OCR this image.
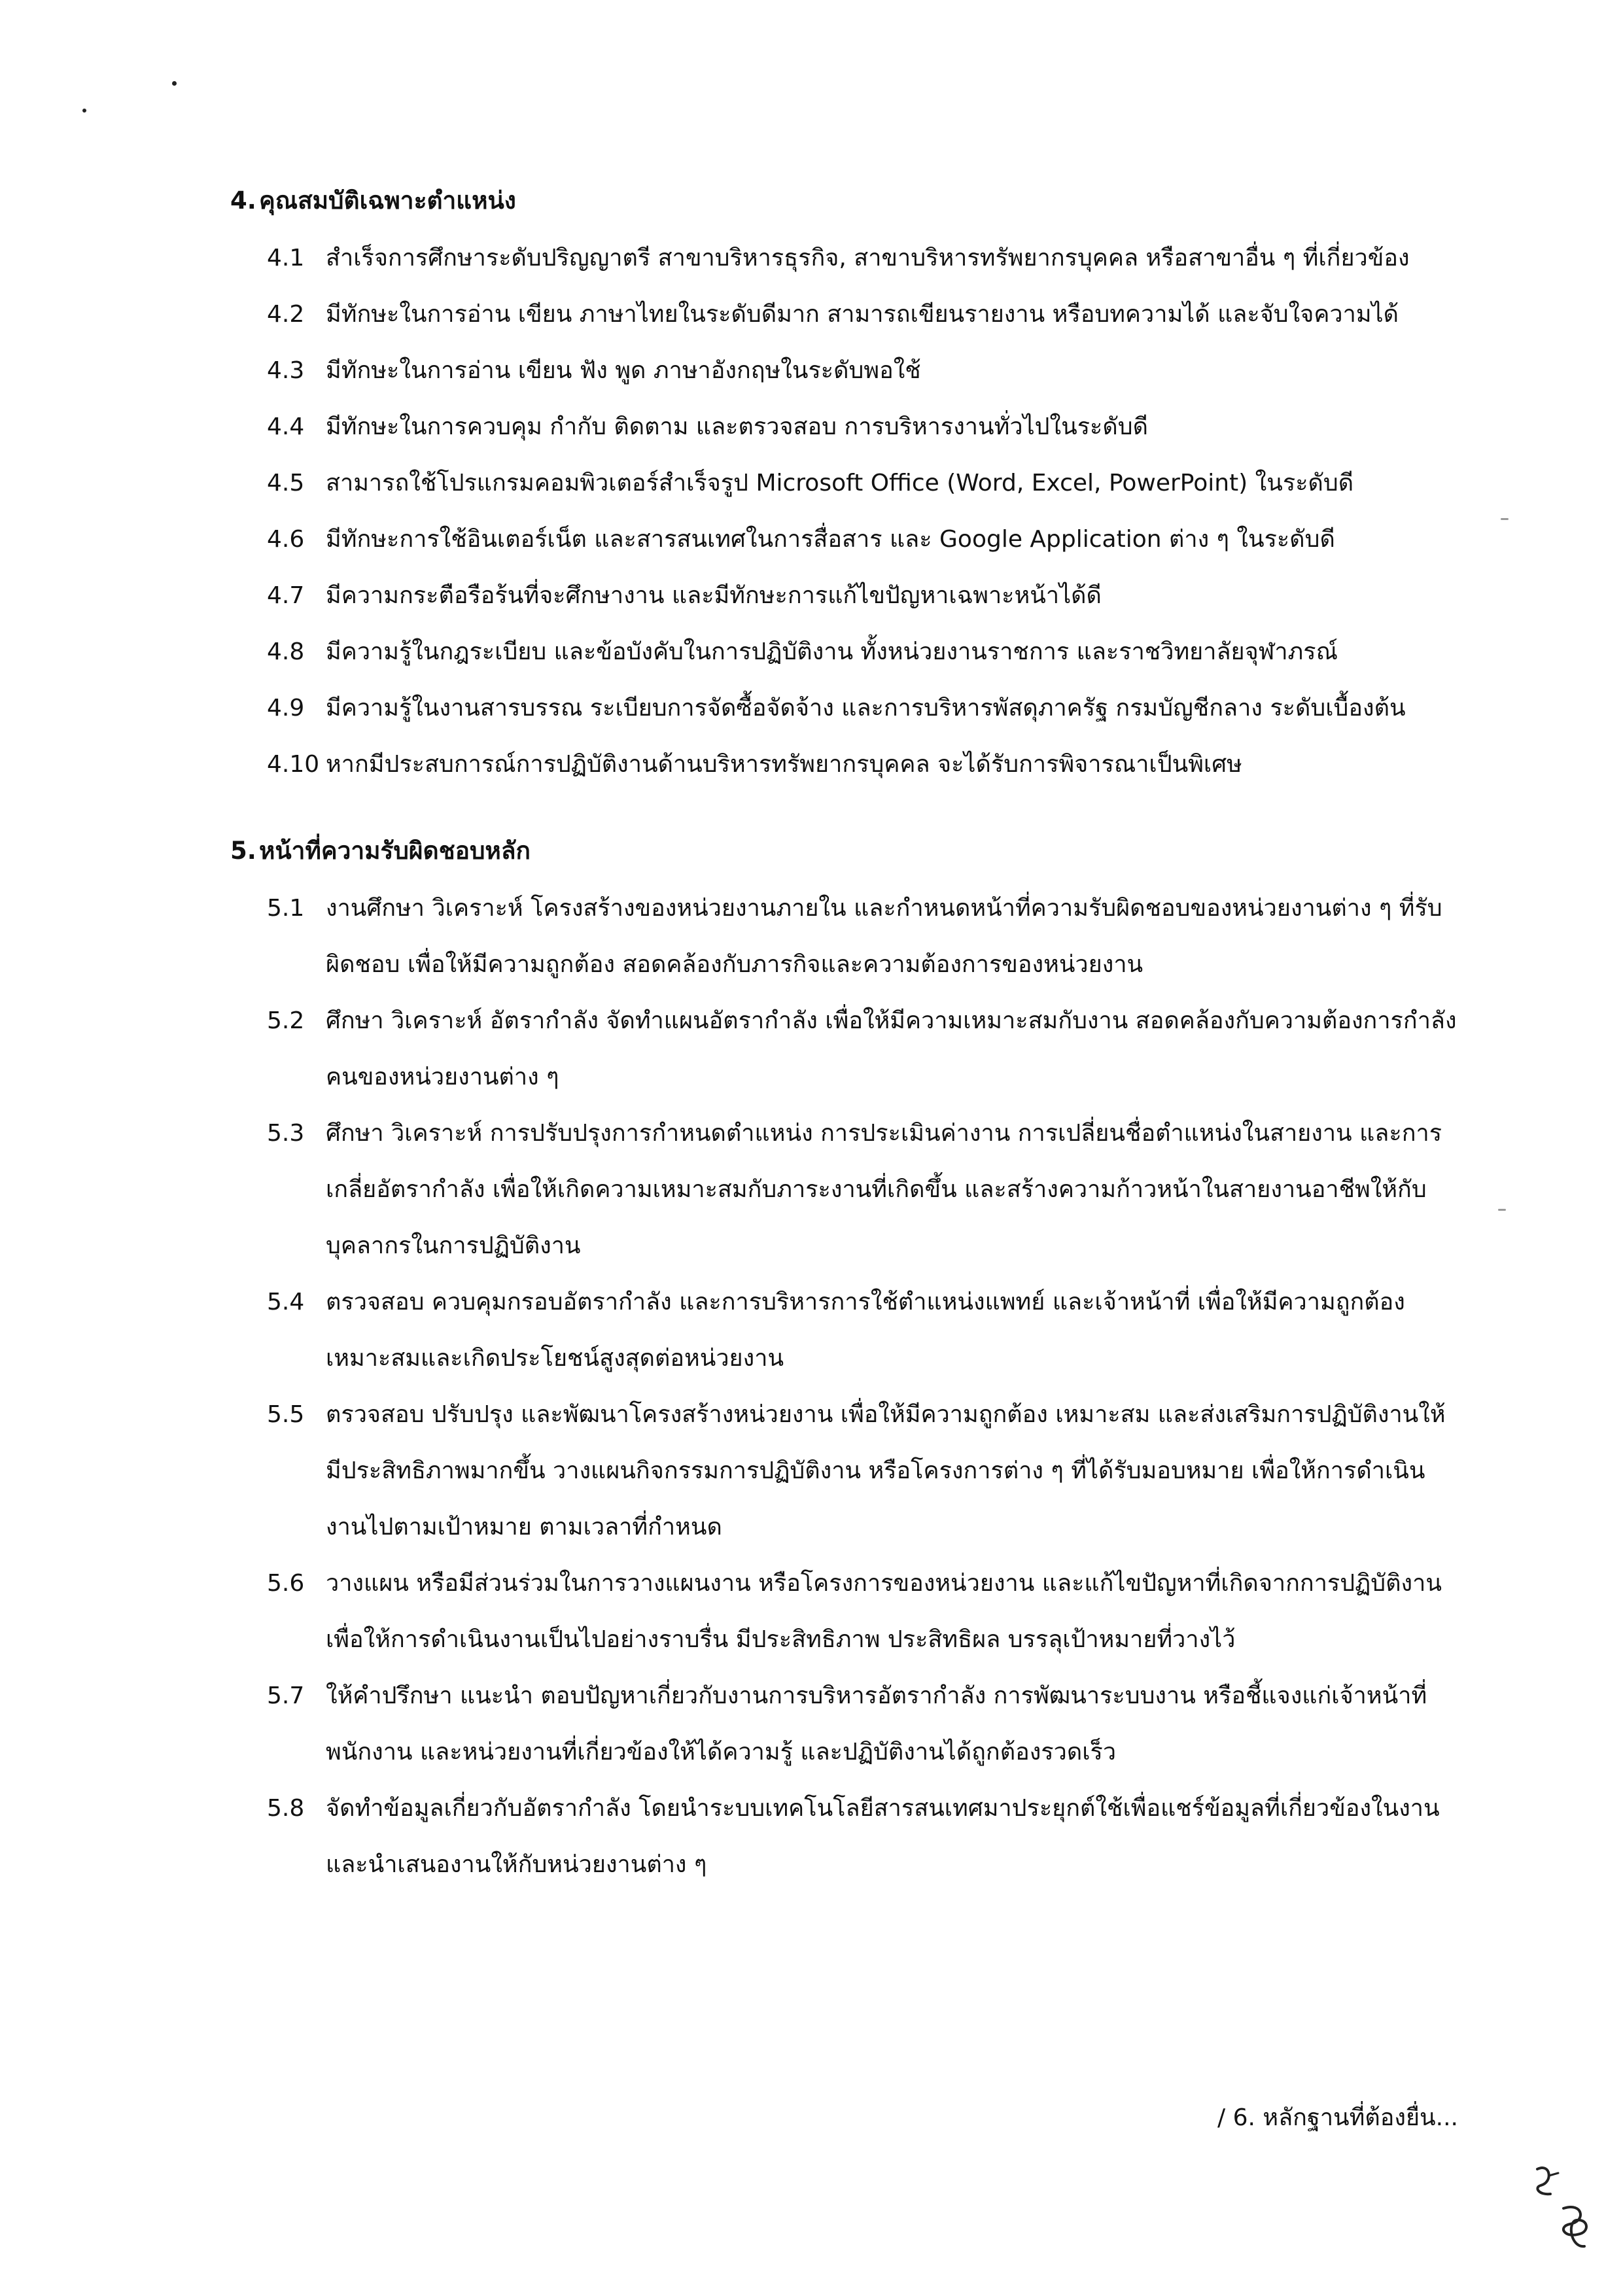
4. คุณสมบัติเฉพาะตำแหน่ง
4.1 สำเร็จการศึกษาระดับปริญญาตรี สาขาบริหารธุรกิจ, สาขาบริหารทรัพยากรบุคคล หรือสาขาอื่น ๆ ที่เกี่ยวข้อง
4.2 มีทักษะในการอ่าน เขียน ภาษาไทยในระดับดีมาก สามารถเขียนรายงาน หรือบทความได้ และจับใจความได้
4.3 มีทักษะในการอ่าน เขียน ฟัง พูด ภาษาอังกฤษในระดับพอใช้
4.4 มีทักษะในการควบคุม กำกับ ติดตาม และตรวจสอบ การบริหารงานทั่วไปในระดับดี
4.5 สามารถใช้โปรแกรมคอมพิวเตอร์สำเร็จรูป Microsoft Office (Word, Excel, PowerPoint) ในระดับดี
4.6 มีทักษะการใช้อินเตอร์เน็ต และสารสนเทศในการสื่อสาร และ Google Application ต่าง ๆ ในระดับดี
4.7 มีความกระตือรือร้นที่จะศึกษางาน และมีทักษะการแก้ไขปัญหาเฉพาะหน้าได้ดี
4.8 มีความรู้ในกฎระเบียบ และข้อบังคับในการปฏิบัติงาน ทั้งหน่วยงานราชการ และราชวิทยาลัยจุฬาภรณ์
4.9 มีความรู้ในงานสารบรรณ ระเบียบการจัดซื้อจัดจ้าง และการบริหารพัสดุภาครัฐ กรมบัญชีกลาง ระดับเบื้องต้น
4.10 หากมีประสบการณ์การปฏิบัติงานด้านบริหารทรัพยากรบุคคล จะได้รับการพิจารณาเป็นพิเศษ
5. หน้าที่ความรับผิดชอบหลัก
5.1 งานศึกษา วิเคราะห์ โครงสร้างของหน่วยงานภายใน และกำหนดหน้าที่ความรับผิดชอบของหน่วยงานต่าง ๆ ที่รับผิดชอบ เพื่อให้มีความถูกต้อง สอดคล้องกับภารกิจและความต้องการของหน่วยงาน
5.2 ศึกษา วิเคราะห์ อัตรากำลัง จัดทำแผนอัตรากำลัง เพื่อให้มีความเหมาะสมกับงาน สอดคล้องกับความต้องการกำลังคนของหน่วยงานต่าง ๆ
5.3 ศึกษา วิเคราะห์ การปรับปรุงการกำหนดตำแหน่ง การประเมินค่างาน การเปลี่ยนชื่อตำแหน่งในสายงาน และการเกลี่ยอัตรากำลัง เพื่อให้เกิดความเหมาะสมกับภาระงานที่เกิดขึ้น และสร้างความก้าวหน้าในสายงานอาชีพให้กับบุคลากรในการปฏิบัติงาน
5.4 ตรวจสอบ ควบคุมกรอบอัตรากำลัง และการบริหารการใช้ตำแหน่งแพทย์ และเจ้าหน้าที่ เพื่อให้มีความถูกต้อง เหมาะสมและเกิดประโยชน์สูงสุดต่อหน่วยงาน
5.5 ตรวจสอบ ปรับปรุง และพัฒนาโครงสร้างหน่วยงาน เพื่อให้มีความถูกต้อง เหมาะสม และส่งเสริมการปฏิบัติงานให้มีประสิทธิภาพมากขึ้น วางแผนกิจกรรมการปฏิบัติงาน หรือโครงการต่าง ๆ ที่ได้รับมอบหมาย เพื่อให้การดำเนินงานไปตามเป้าหมาย ตามเวลาที่กำหนด
5.6 วางแผน หรือมีส่วนร่วมในการวางแผนงาน หรือโครงการของหน่วยงาน และแก้ไขปัญหาที่เกิดจากการปฏิบัติงาน เพื่อให้การดำเนินงานเป็นไปอย่างราบรื่น มีประสิทธิภาพ ประสิทธิผล บรรลุเป้าหมายที่วางไว้
5.7 ให้คำปรึกษา แนะนำ ตอบปัญหาเกี่ยวกับงานการบริหารอัตรากำลัง การพัฒนาระบบงาน หรือชี้แจงแก่เจ้าหน้าที่ พนักงาน และหน่วยงานที่เกี่ยวข้องให้ได้ความรู้ และปฏิบัติงานได้ถูกต้องรวดเร็ว
5.8 จัดทำข้อมูลเกี่ยวกับอัตรากำลัง โดยนำระบบเทคโนโลยีสารสนเทศมาประยุกต์ใช้เพื่อแชร์ข้อมูลที่เกี่ยวข้องในงาน และนำเสนองานให้กับหน่วยงานต่าง ๆ
/ 6. หลักฐานที่ต้องยื่น...
